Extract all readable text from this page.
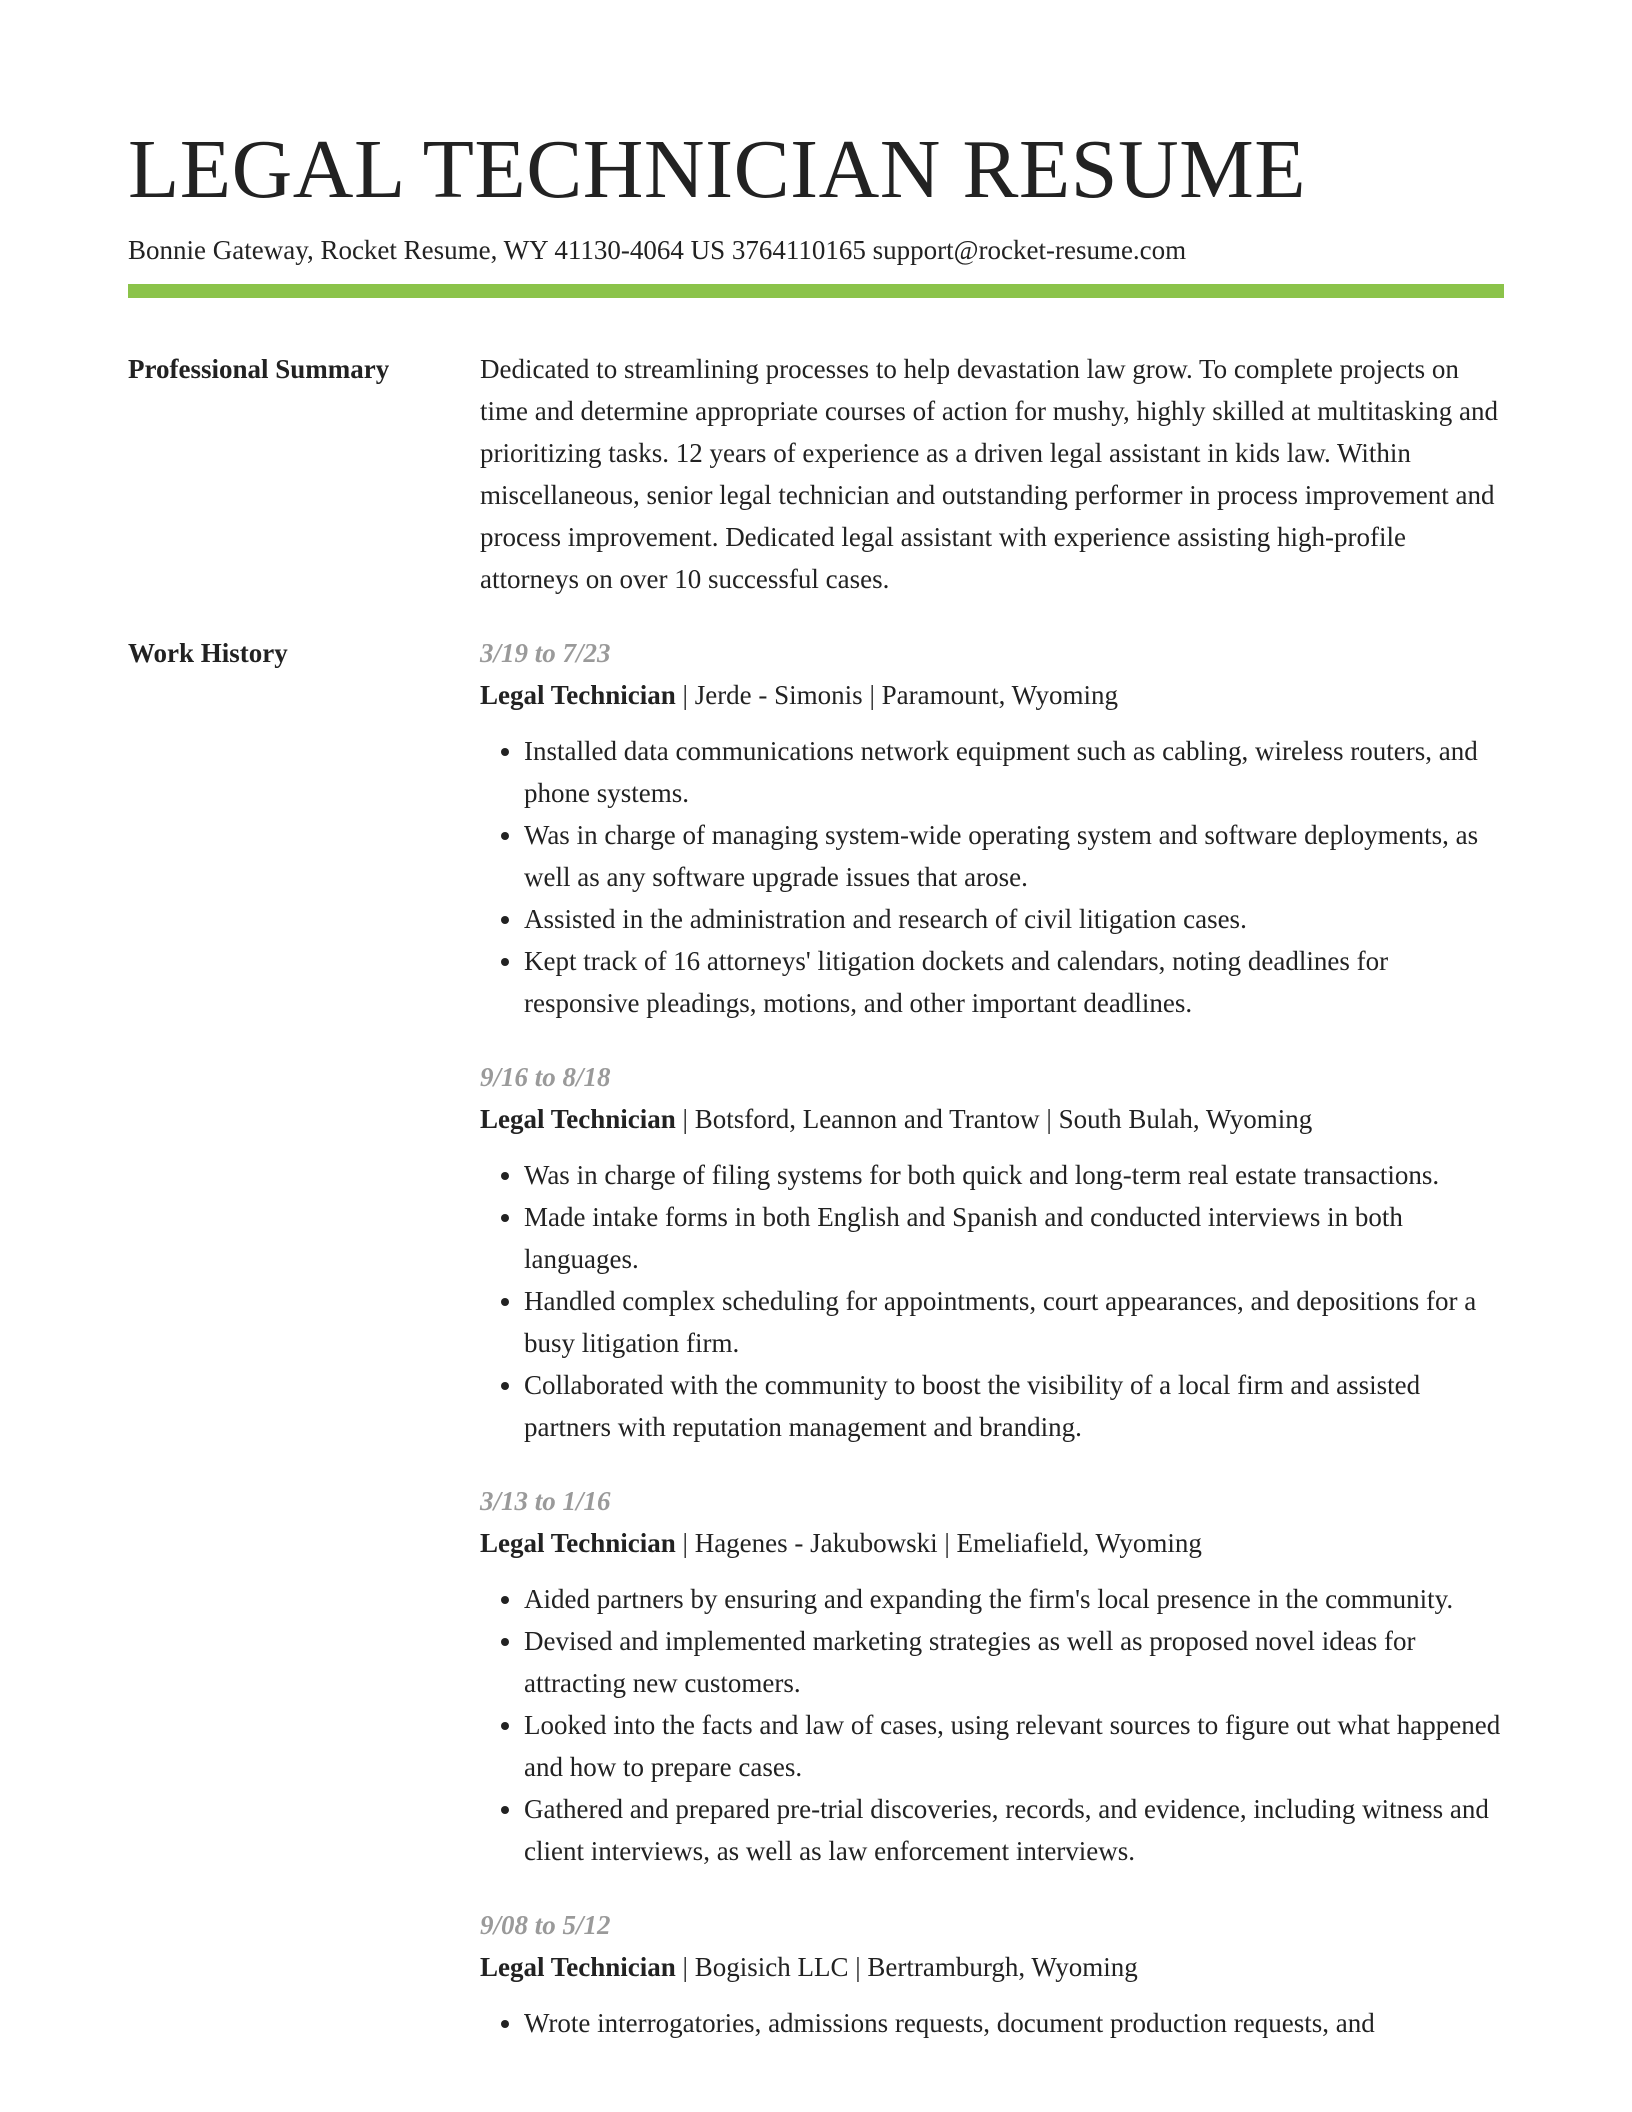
LEGAL TECHNICIAN RESUME
Bonnie Gateway, Rocket Resume, WY 41130-4064 US 3764110165 support@rocket-resume.com
Professional Summary	Dedicated to streamlining processes to help devastation law grow. To complete projects on time and determine appropriate courses of action for mushy, highly skilled at multitasking and prioritizing tasks. 12 years of experience as a driven legal assistant in kids law. Within miscellaneous, senior legal technician and outstanding performer in process improvement and process improvement. Dedicated legal assistant with experience assisting high-profile attorneys on over 10 successful cases.
Work History	3/19 to 7/23
Legal Technician | Jerde - Simonis | Paramount, Wyoming
• Installed data communications network equipment such as cabling, wireless routers, and phone systems.
• Was in charge of managing system-wide operating system and software deployments, as well as any software upgrade issues that arose.
• Assisted in the administration and research of civil litigation cases.
• Kept track of 16 attorneys' litigation dockets and calendars, noting deadlines for responsive pleadings, motions, and other important deadlines.
9/16 to 8/18
Legal Technician | Botsford, Leannon and Trantow | South Bulah, Wyoming
• Was in charge of filing systems for both quick and long-term real estate transactions.
• Made intake forms in both English and Spanish and conducted interviews in both languages.
• Handled complex scheduling for appointments, court appearances, and depositions for a busy litigation firm.
• Collaborated with the community to boost the visibility of a local firm and assisted partners with reputation management and branding.
3/13 to 1/16
Legal Technician | Hagenes - Jakubowski | Emeliafield, Wyoming
• Aided partners by ensuring and expanding the firm's local presence in the community.
• Devised and implemented marketing strategies as well as proposed novel ideas for attracting new customers.
• Looked into the facts and law of cases, using relevant sources to figure out what happened and how to prepare cases.
• Gathered and prepared pre-trial discoveries, records, and evidence, including witness and client interviews, as well as law enforcement interviews.
9/08 to 5/12
Legal Technician | Bogisich LLC | Bertramburgh, Wyoming
• Wrote interrogatories, admissions requests, document production requests, and
